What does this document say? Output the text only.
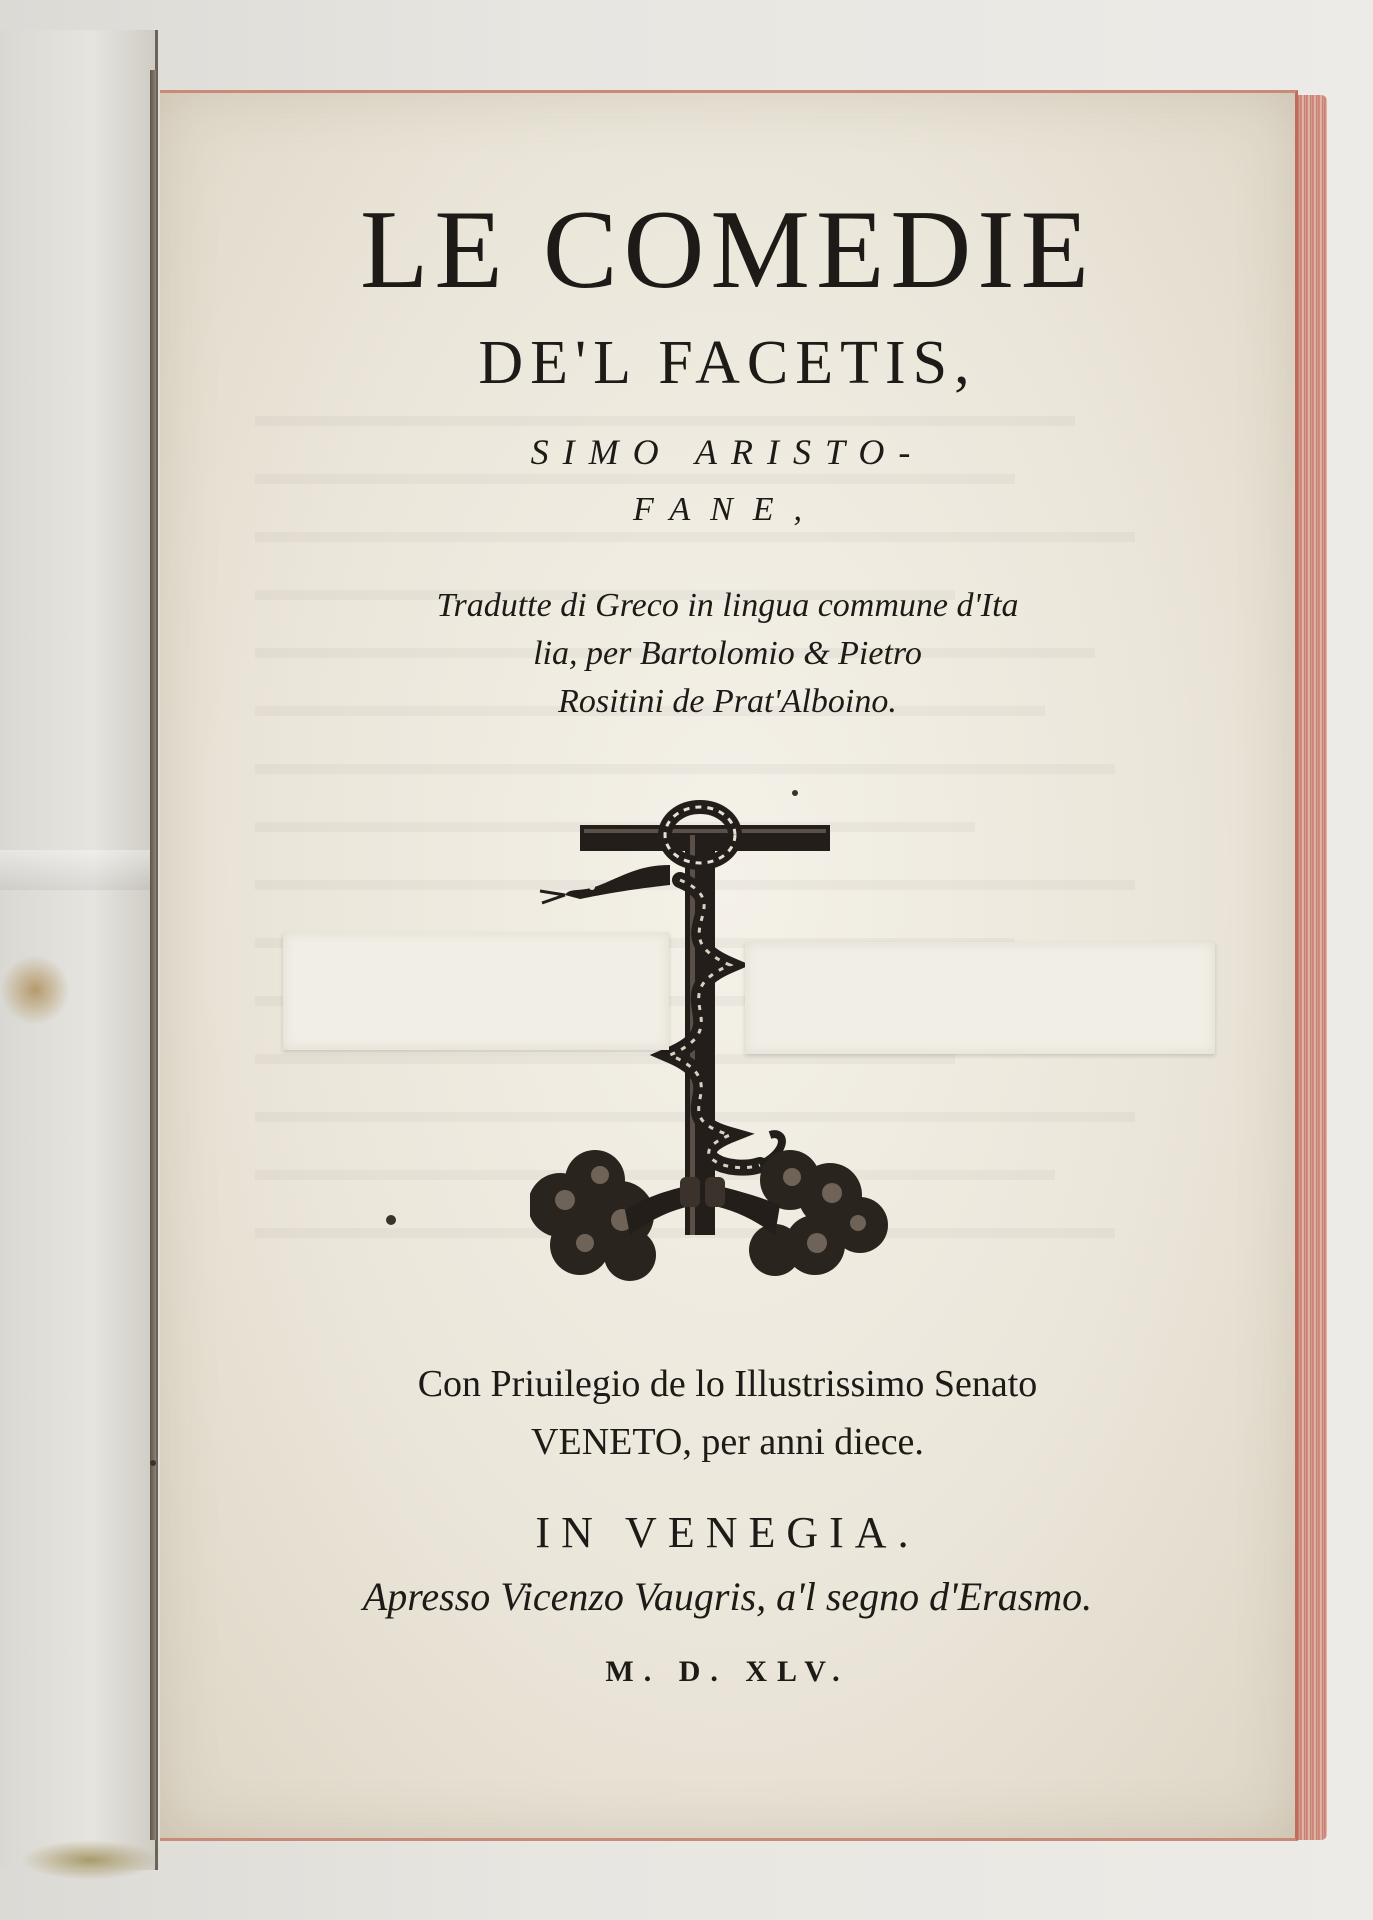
LE COMEDIE
DE'L FACETIS,
SIMO ARISTO-
FANE,
Tradutte di Greco in lingua commune d'Ita
lia, per Bartolomio & Pietro
Rositini de Prat'Alboino.
Con Priuilegio de lo Illustrissimo Senato
VENETO, per anni diece.
IN VENEGIA.
Apresso Vicenzo Vaugris, a'l segno d'Erasmo.
M. D. XLV.
